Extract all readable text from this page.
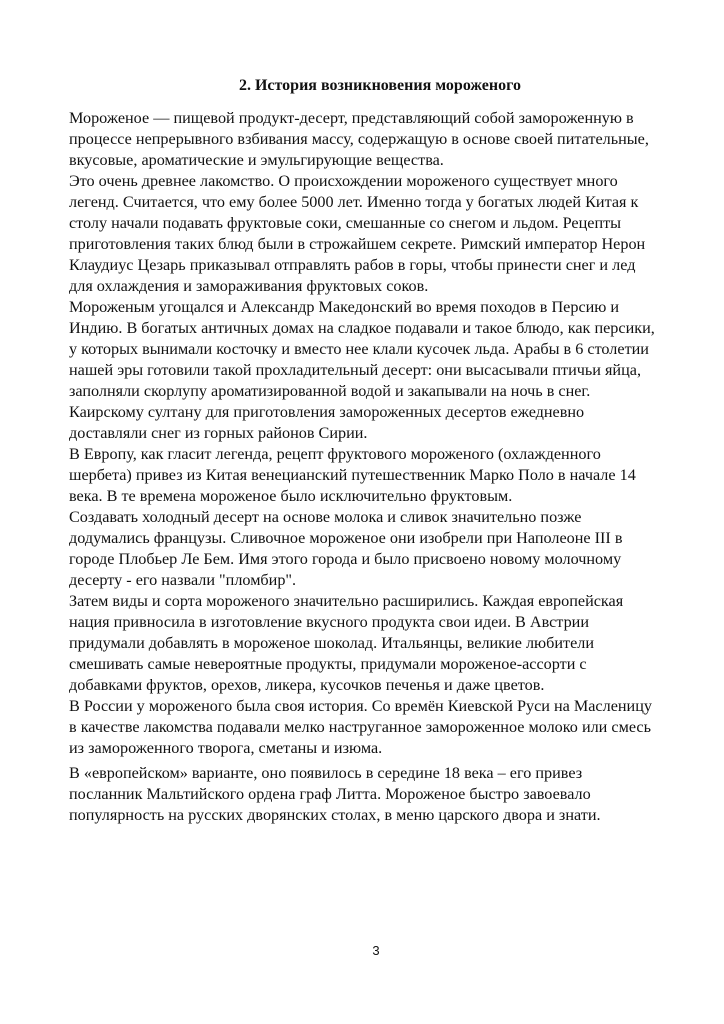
2. История возникновения мороженого
Мороженое — пищевой продукт-десерт, представляющий собой замороженную в
процессе непрерывного взбивания массу, содержащую в основе своей питательные,
вкусовые, ароматические и эмульгирующие вещества.
Это очень древнее лакомство. О происхождении мороженого существует много
легенд. Считается, что ему более 5000 лет. Именно тогда у богатых людей Китая к
столу начали подавать фруктовые соки, смешанные со снегом и льдом. Рецепты
приготовления таких блюд были в строжайшем секрете. Римский император Нерон
Клаудиус Цезарь приказывал отправлять рабов в горы, чтобы принести снег и лед
для охлаждения и замораживания фруктовых соков.
Мороженым угощался и Александр Македонский во время походов в Персию и
Индию. В богатых античных домах на сладкое подавали и такое блюдо, как персики,
у которых вынимали косточку и вместо нее клали кусочек льда. Арабы в 6 столетии
нашей эры готовили такой прохладительный десерт: они высасывали птичьи яйца,
заполняли скорлупу ароматизированной водой и закапывали на ночь в снег.
Каирскому султану для приготовления замороженных десертов ежедневно
доставляли снег из горных районов Сирии.
В Европу, как гласит легенда, рецепт фруктового мороженого (охлажденного
шербета) привез из Китая венецианский путешественник Марко Поло в начале 14
века. В те времена мороженое было исключительно фруктовым.
Создавать холодный десерт на основе молока и сливок значительно позже
додумались французы. Сливочное мороженое они изобрели при Наполеоне III в
городе Плобьер Ле Бем. Имя этого города и было присвоено новому молочному
десерту - его назвали "пломбир".
Затем виды и сорта мороженого значительно расширились. Каждая европейская
нация привносила в изготовление вкусного продукта свои идеи. В Австрии
придумали добавлять в мороженое шоколад. Итальянцы, великие любители
смешивать самые невероятные продукты, придумали мороженое-ассорти с
добавками фруктов, орехов, ликера, кусочков печенья и даже цветов.
В России у мороженого была своя история. Со времён Киевской Руси на Масленицу
в качестве лакомства подавали мелко наструганное замороженное молоко или смесь
из замороженного творога, сметаны и изюма.
В «европейском» варианте, оно появилось в середине 18 века – его привез
посланник Мальтийского ордена граф Литта. Мороженое быстро завоевало
популярность на русских дворянских столах, в меню царского двора и знати.
3
